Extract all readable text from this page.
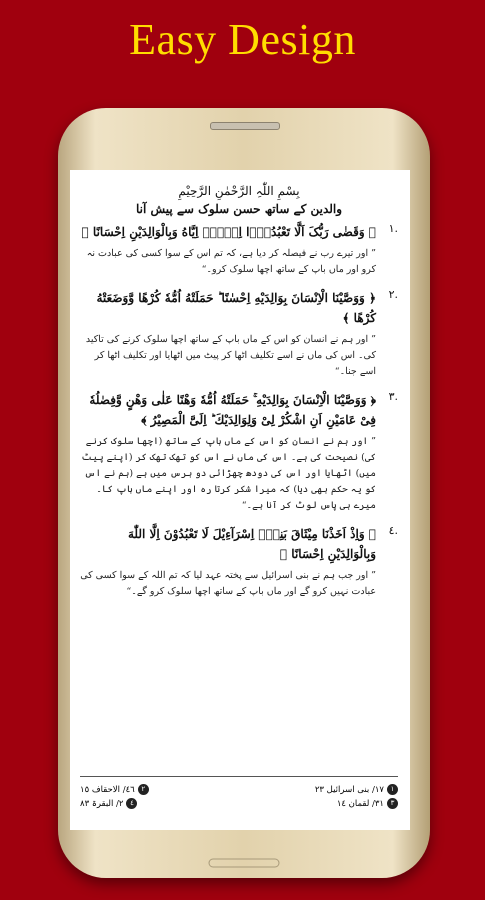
Easy Design
بِسْمِ اللّٰہِ الرَّحْمٰنِ الرَّحِیْمِ
والدین کے ساتھ حسن سلوک سے پیش آنا
١.
﴿ وَقَضٰی رَبُّکَ اَلَّا تَعْبُدُوْۤا اِلَّاۤ اِیَّاهُ وَبِالْوَالِدَیْنِ اِحْسَانًا ﴾
” اور تیرے رب نے فیصلہ کر دیا ہے، کہ تم اس کے سوا کسی کی عبادت نہ کرو اور ماں باپ کے ساتھ اچھا سلوک کرو۔“
٢.
﴿ وَوَصَّیْنَا الْاِنْسَانَ بِوَالِدَیْهِ اِحْسٰنًا ؕ حَمَلَتْهُ اُمُّهٗ کُرْهًا وَّوَضَعَتْهُ کُرْهًا ﴾
” اور ہم نے انسان کو اس کے ماں باپ کے ساتھ اچھا سلوک کرنے کی تاکید کی۔ اس کی ماں نے اسے تکلیف اٹھا کر پیٹ میں اٹھایا اور تکلیف اٹھا کر اسے جنا۔“
٣.
﴿ وَوَصَّیْنَا الْاِنْسَانَ بِوَالِدَیْهِ ۚ حَمَلَتْهُ اُمُّهٗ وَهْنًا عَلٰی وَهْنٍ وَّفِصٰلُهٗ فِیْ عَامَیْنِ اَنِ اشْکُرْ لِیْ وَلِوَالِدَیْكَ ؕ اِلَیَّ الْمَصِیْرُ ﴾
” اور ہم نے انسان کو اس کے ماں باپ کے ساتھ (اچھا سلوک کرنے کی) نصیحت کی ہے۔ اس کی ماں نے اس کو تھک تھک کر (اپنے پیٹ میں) اٹھایا اور اس کی دودھ چھڑائی دو برس میں ہے (ہم نے اس کو یہ حکم بھی دیا) کہ میرا شکر کرتا رہ اور اپنے ماں باپ کا۔ میرے ہی پاس لوٹ کر آنا ہے۔“
٤.
﴿ وَاِذْ اَخَذْنَا مِیْثَاقَ بَنِیْۤ اِسْرَآءِیْلَ لَا تَعْبُدُوْنَ اِلَّا اللّٰهَ وَبِالْوَالِدَیْنِ اِحْسَانًا ﴾
” اور جب ہم نے بنی اسرائیل سے پختہ عہد لیا کہ تم اللہ کے سوا کسی کی عبادت نہیں کرو گے اور ماں باپ کے ساتھ اچھا سلوک کرو گے۔“
١
١٧/ بنی اسرائیل ٢٣
٢
٤٦/ الاحقاف ١٥
٣
٣١/ لقمان ١٤
٤
٢/ البقرۃ ٨٣
